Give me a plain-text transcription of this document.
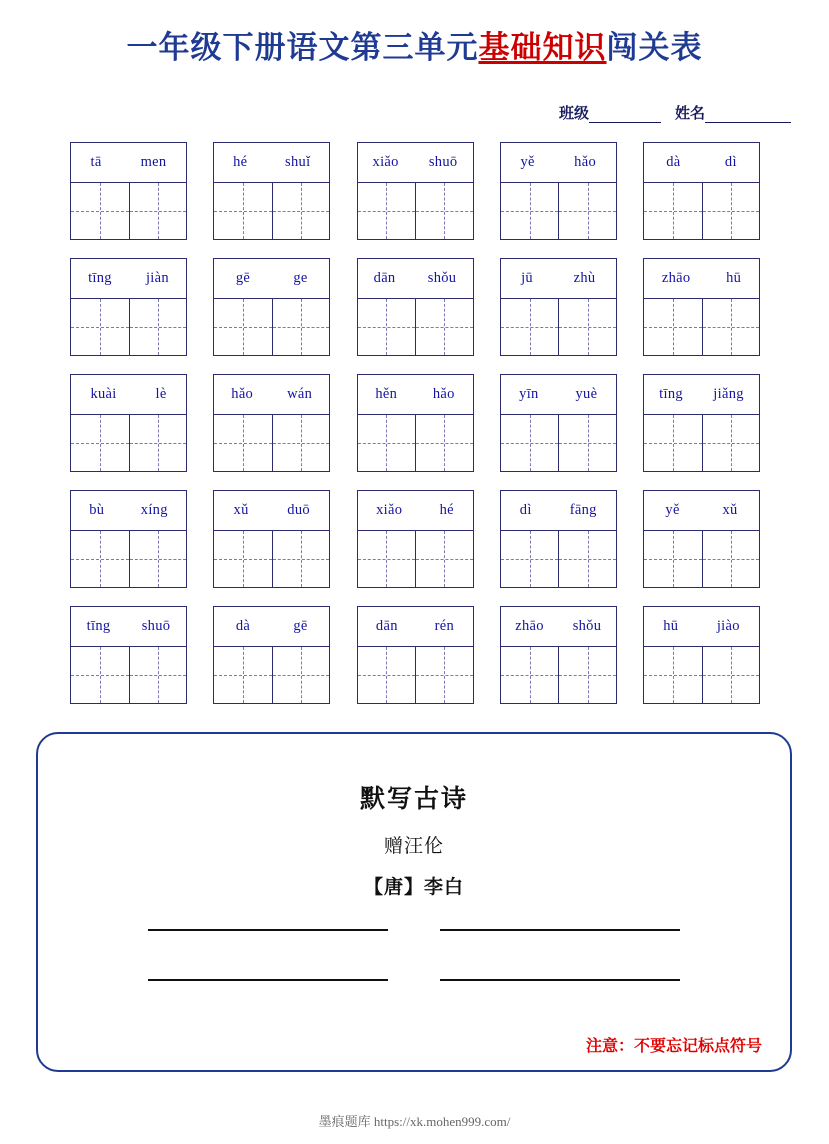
一年级下册语文第三单元基础知识闯关表
班级	姓名
tā	men
tīng jiàn
kuài	lè
bù	xíng
tīng shuō
hé	shuǐ
gē	ge
hǎo wán
xǔ	duō
dà	gē
xiǎo shuō
dān shǒu
hěn hǎo
xiǎo	hé
dān	rén
yě	hǎo
jū	zhù
yīn	yuè
dì	fāng
zhāo shǒu
dà	dì
zhāo hū
tīng jiǎng
yě	xǔ
hū	jiào
默写古诗
赠汪伦
【唐】李白
注意：不要忘记标点符号
墨痕题库 https://xk.mohen999.com/
